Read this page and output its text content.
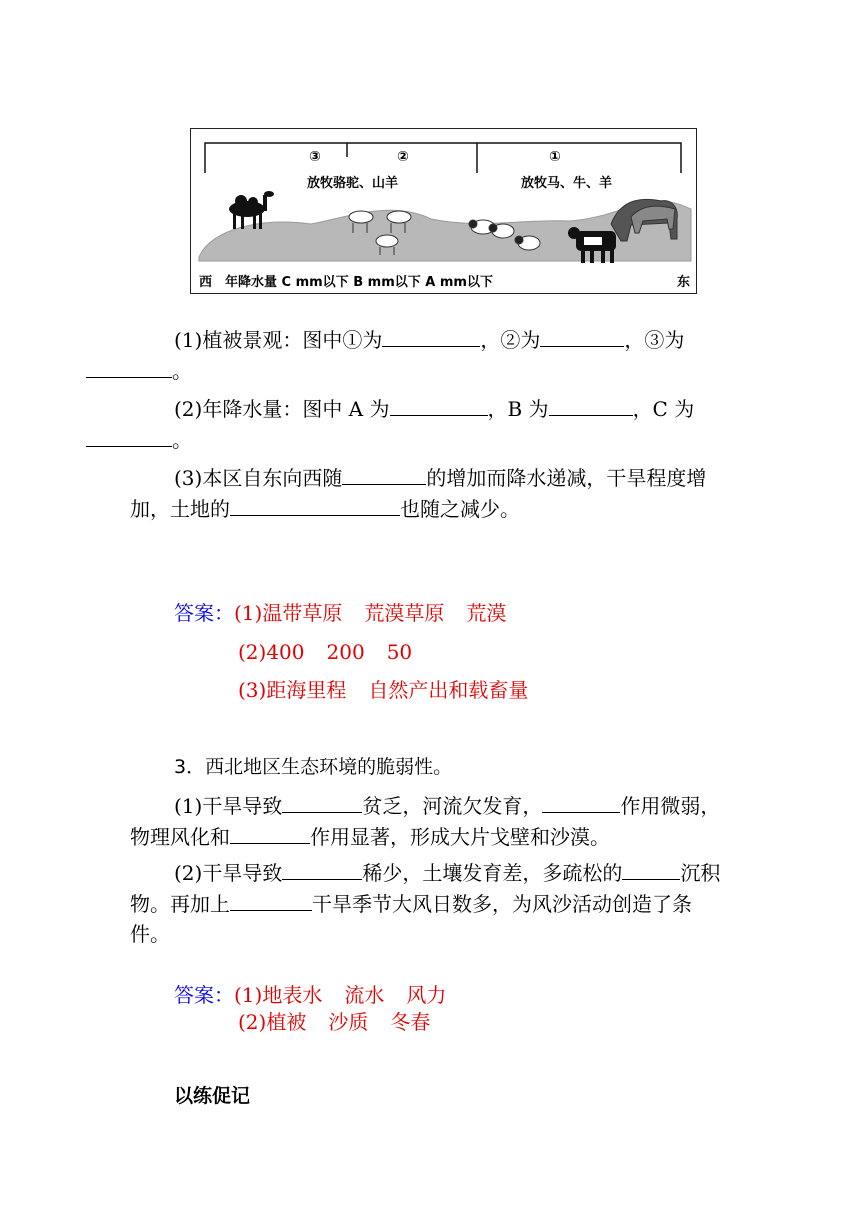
③	②	①
放牧骆驼、山羊	放牧马、牛、羊
西 年降水量 C mm以下 B mm以下 A mm以下	东
(1)植被景观：图中①为	，②为	，③为
。
(2)年降水量：图中 A 为	，B 为	，C 为
。
(3)本区自东向西随	的增加而降水递减，干旱程度增加，土地的	也随之减少。
答案：(1)温带草原 荒漠草原 荒漠
(2)400 200 50
(3)距海里程 自然产出和载畜量
3．西北地区生态环境的脆弱性。
(1)干旱导致	贫乏，河流欠发育，	作用微弱，物理风化和	作用显著，形成大片戈壁和沙漠。
(2)干旱导致	稀少，土壤发育差，多疏松的	沉积物。再加上	干旱季节大风日数多，为风沙活动创造了条件。
答案：(1)地表水 流水 风力
(2)植被 沙质 冬春
以练促记
